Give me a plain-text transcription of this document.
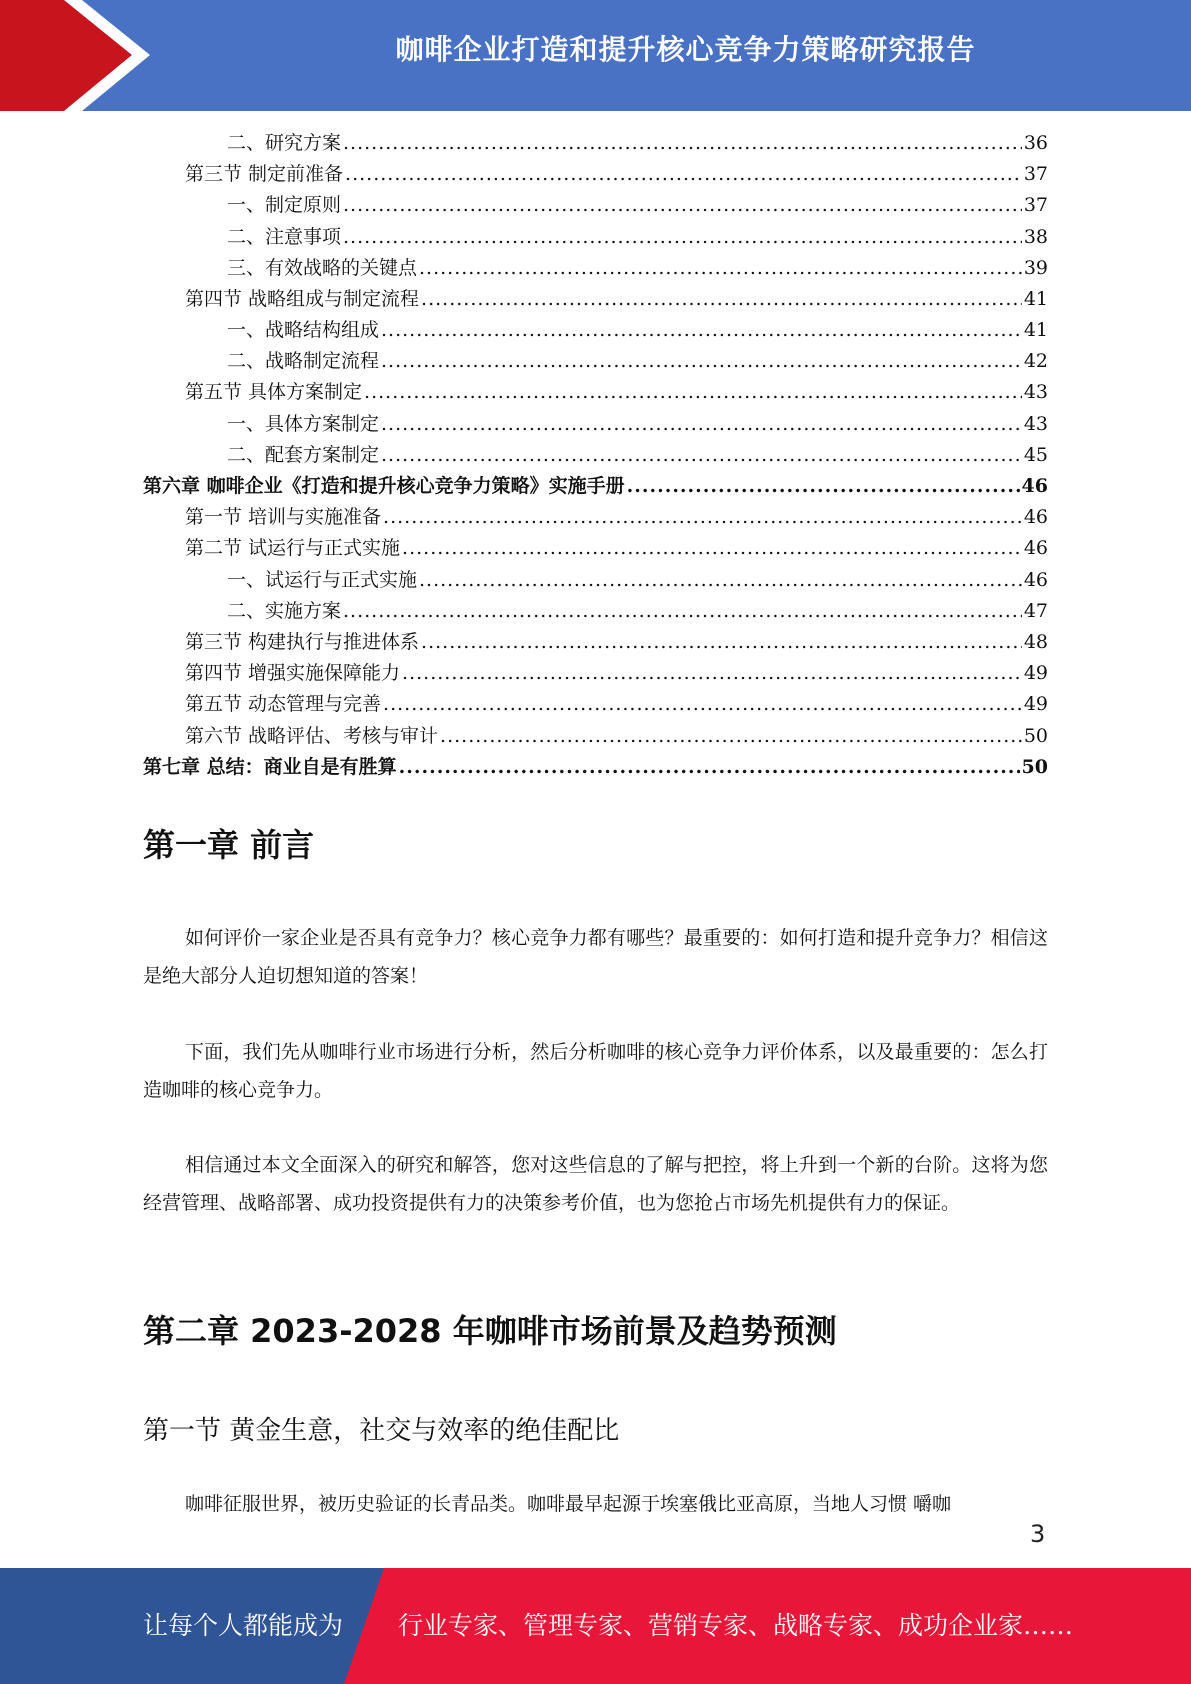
咖啡企业打造和提升核心竞争力策略研究报告
二、研究方案 .....	36
第三节 制定前准备 .....	37
一、制定原则 .....	37
二、注意事项 .....	38
三、有效战略的关键点 .....	39
第四节 战略组成与制定流程 .....	41
一、战略结构组成 .....	41
二、战略制定流程 .....	42
第五节 具体方案制定 .....	43
一、具体方案制定 .....	43
二、配套方案制定 .....	45
第六章 咖啡企业《打造和提升核心竞争力策略》实施手册 .....	46
第一节 培训与实施准备 .....	46
第二节 试运行与正式实施 .....	46
一、试运行与正式实施 .....	46
二、实施方案 .....	47
第三节 构建执行与推进体系 .....	48
第四节 增强实施保障能力 .....	49
第五节 动态管理与完善 .....	49
第六节 战略评估、考核与审计 .....	50
第七章 总结：商业自是有胜算 .....	50
第一章 前言
如何评价一家企业是否具有竞争力？核心竞争力都有哪些？最重要的：如何打造和提升竞争力？相信这是绝大部分人迫切想知道的答案！
下面，我们先从咖啡行业市场进行分析，然后分析咖啡的核心竞争力评价体系，以及最重要的：怎么打造咖啡的核心竞争力。
相信通过本文全面深入的研究和解答，您对这些信息的了解与把控，将上升到一个新的台阶。这将为您经营管理、战略部署、成功投资提供有力的决策参考价值，也为您抢占市场先机提供有力的保证。
第二章 2023-2028 年咖啡市场前景及趋势预测
第一节 黄金生意，社交与效率的绝佳配比
咖啡征服世界，被历史验证的长青品类。咖啡最早起源于埃塞俄比亚高原，当地人习惯 嚼咖
3
让每个人都能成为 行业专家、管理专家、营销专家、战略专家、成功企业家……
